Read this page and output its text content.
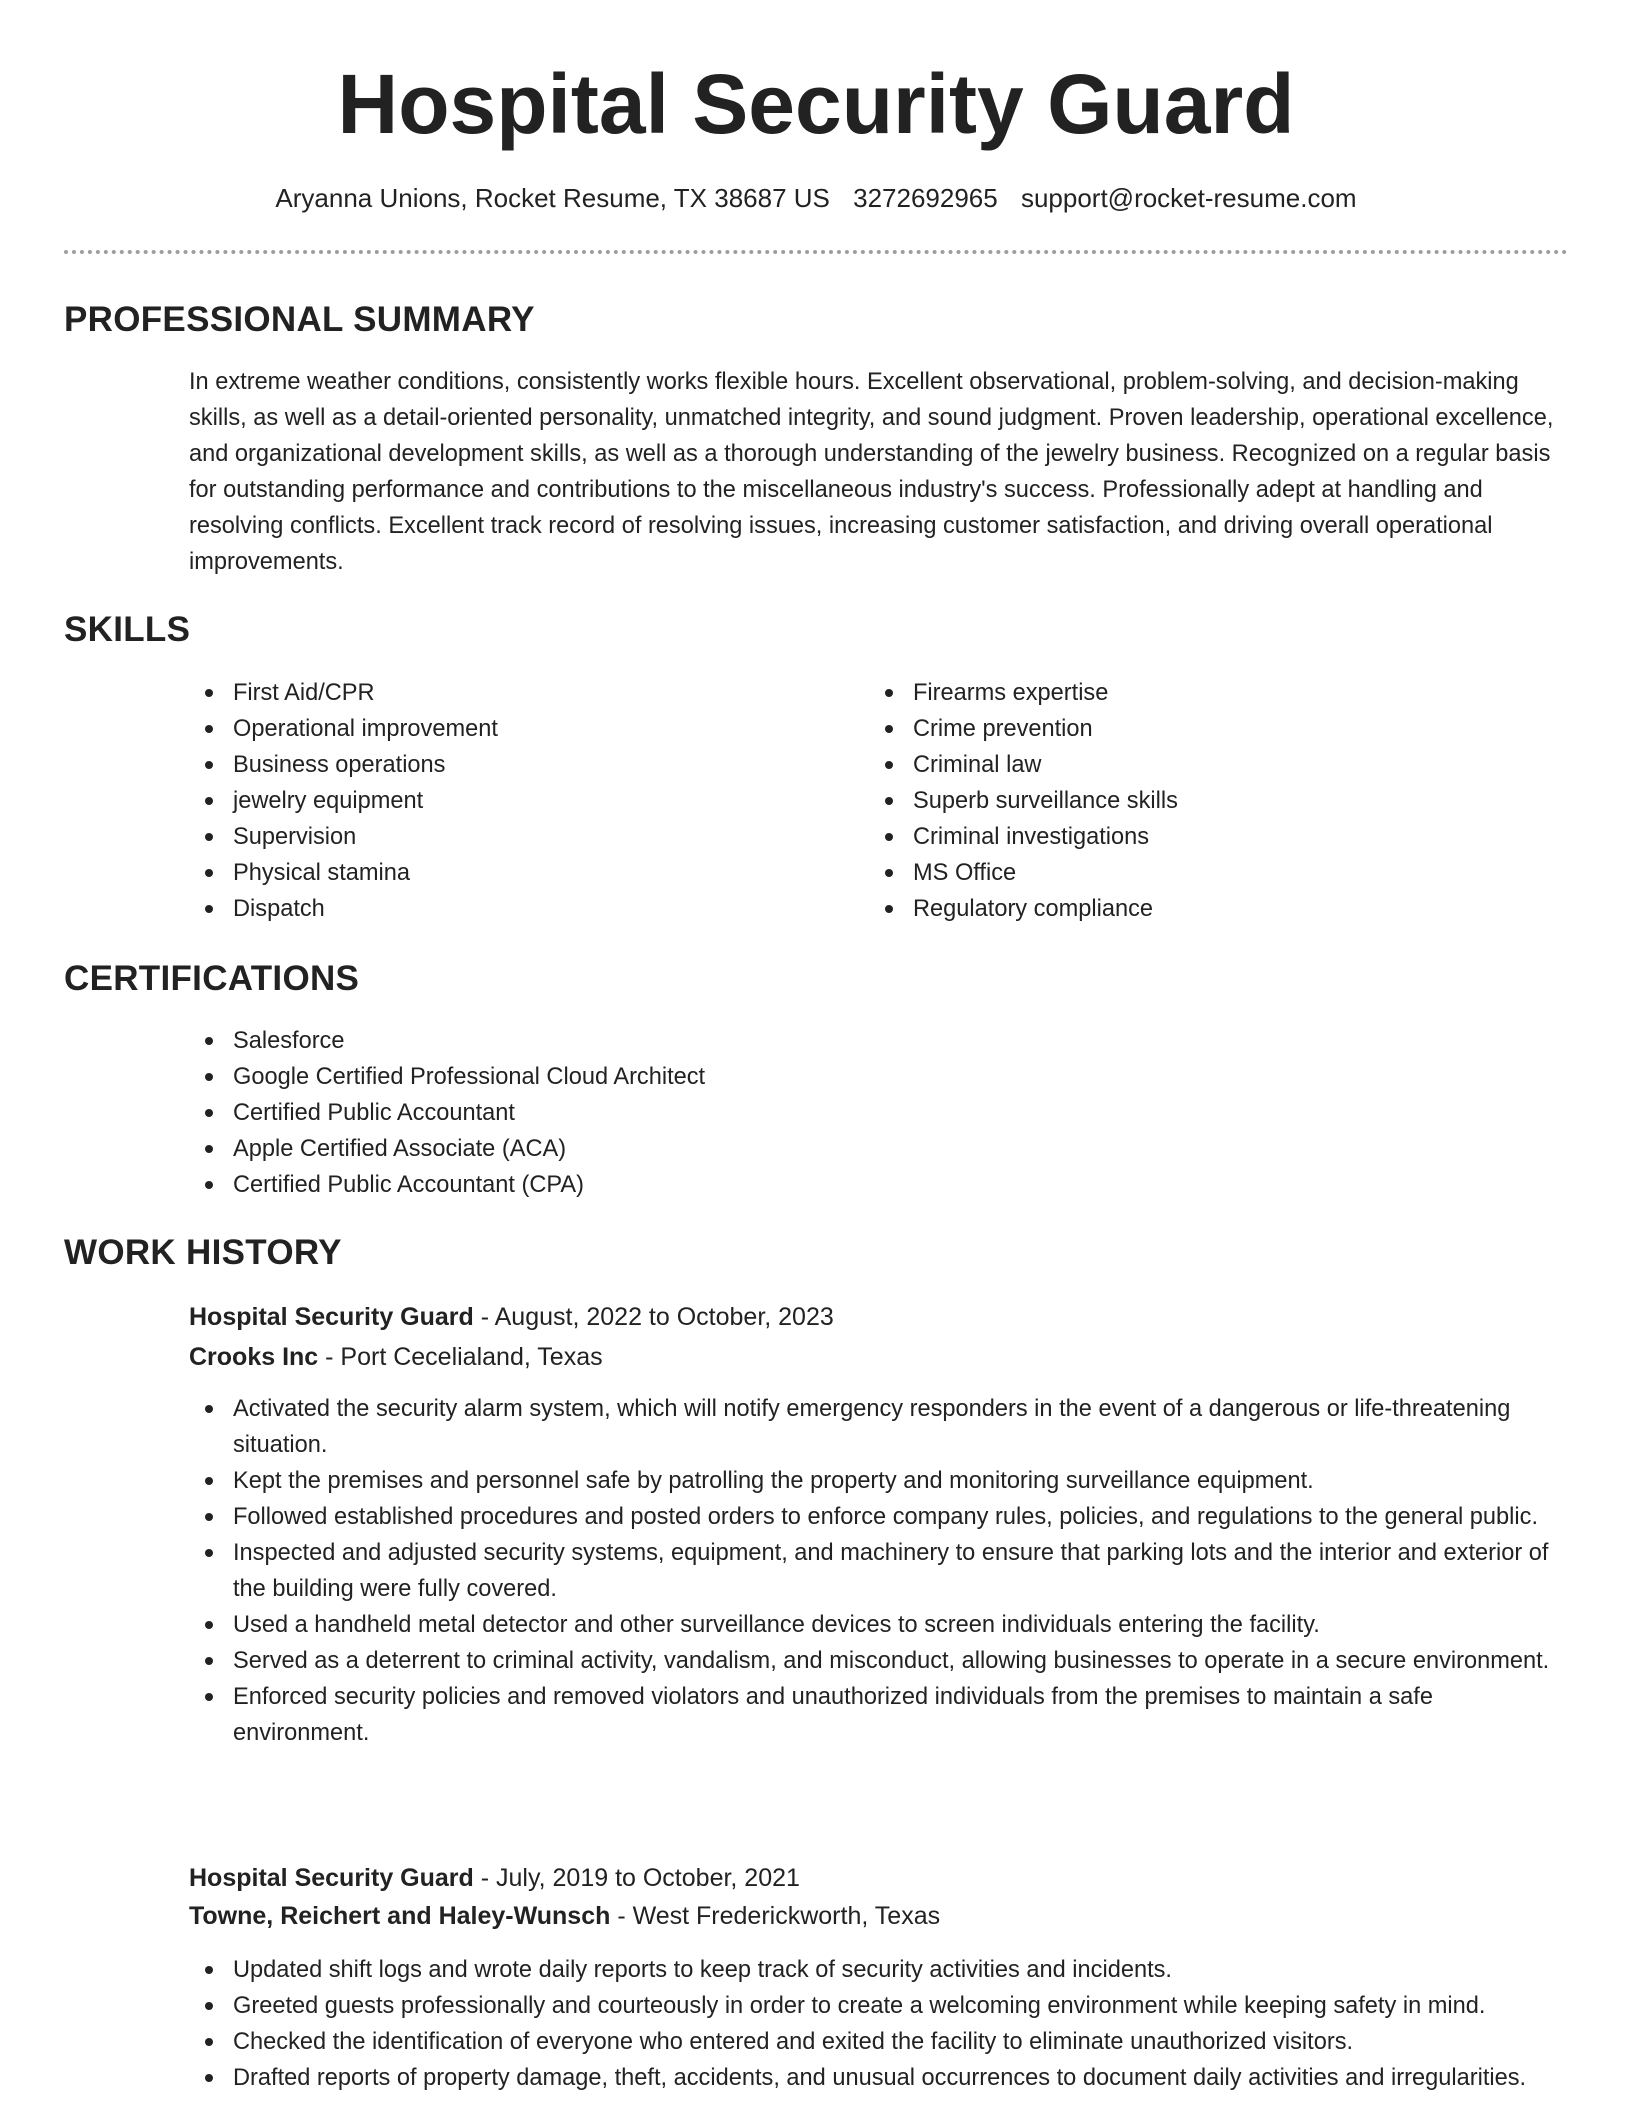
Hospital Security Guard
Aryanna Unions, Rocket Resume, TX 38687 US 3272692965 support@rocket-resume.com
PROFESSIONAL SUMMARY

In extreme weather conditions, consistently works flexible hours. Excellent observational, problem-solving, and decision-making skills, as well as a detail-oriented personality, unmatched integrity, and sound judgment. Proven leadership, operational excellence, and organizational development skills, as well as a thorough understanding of the jewelry business. Recognized on a regular basis for outstanding performance and contributions to the miscellaneous industry's success. Professionally adept at handling and resolving conflicts. Excellent track record of resolving issues, increasing customer satisfaction, and driving overall operational improvements.

SKILLS
First Aid/CPR
Operational improvement
Business operations
jewelry equipment
Supervision
Physical stamina
Dispatch
Firearms expertise
Crime prevention
Criminal law
Superb surveillance skills
Criminal investigations
MS Office
Regulatory compliance
CERTIFICATIONS
Salesforce
Google Certified Professional Cloud Architect
Certified Public Accountant
Apple Certified Associate (ACA)
Certified Public Accountant (CPA)
WORK HISTORY
Hospital Security Guard - August, 2022 to October, 2023
Crooks Inc - Port Cecelialand, Texas
Activated the security alarm system, which will notify emergency responders in the event of a dangerous or life-threatening situation.
Kept the premises and personnel safe by patrolling the property and monitoring surveillance equipment.
Followed established procedures and posted orders to enforce company rules, policies, and regulations to the general public.
Inspected and adjusted security systems, equipment, and machinery to ensure that parking lots and the interior and exterior of the building were fully covered.
Used a handheld metal detector and other surveillance devices to screen individuals entering the facility.
Served as a deterrent to criminal activity, vandalism, and misconduct, allowing businesses to operate in a secure environment.
Enforced security policies and removed violators and unauthorized individuals from the premises to maintain a safe environment.
Hospital Security Guard - July, 2019 to October, 2021
Towne, Reichert and Haley-Wunsch - West Frederickworth, Texas
Updated shift logs and wrote daily reports to keep track of security activities and incidents.
Greeted guests professionally and courteously in order to create a welcoming environment while keeping safety in mind.
Checked the identification of everyone who entered and exited the facility to eliminate unauthorized visitors.
Drafted reports of property damage, theft, accidents, and unusual occurrences to document daily activities and irregularities.
